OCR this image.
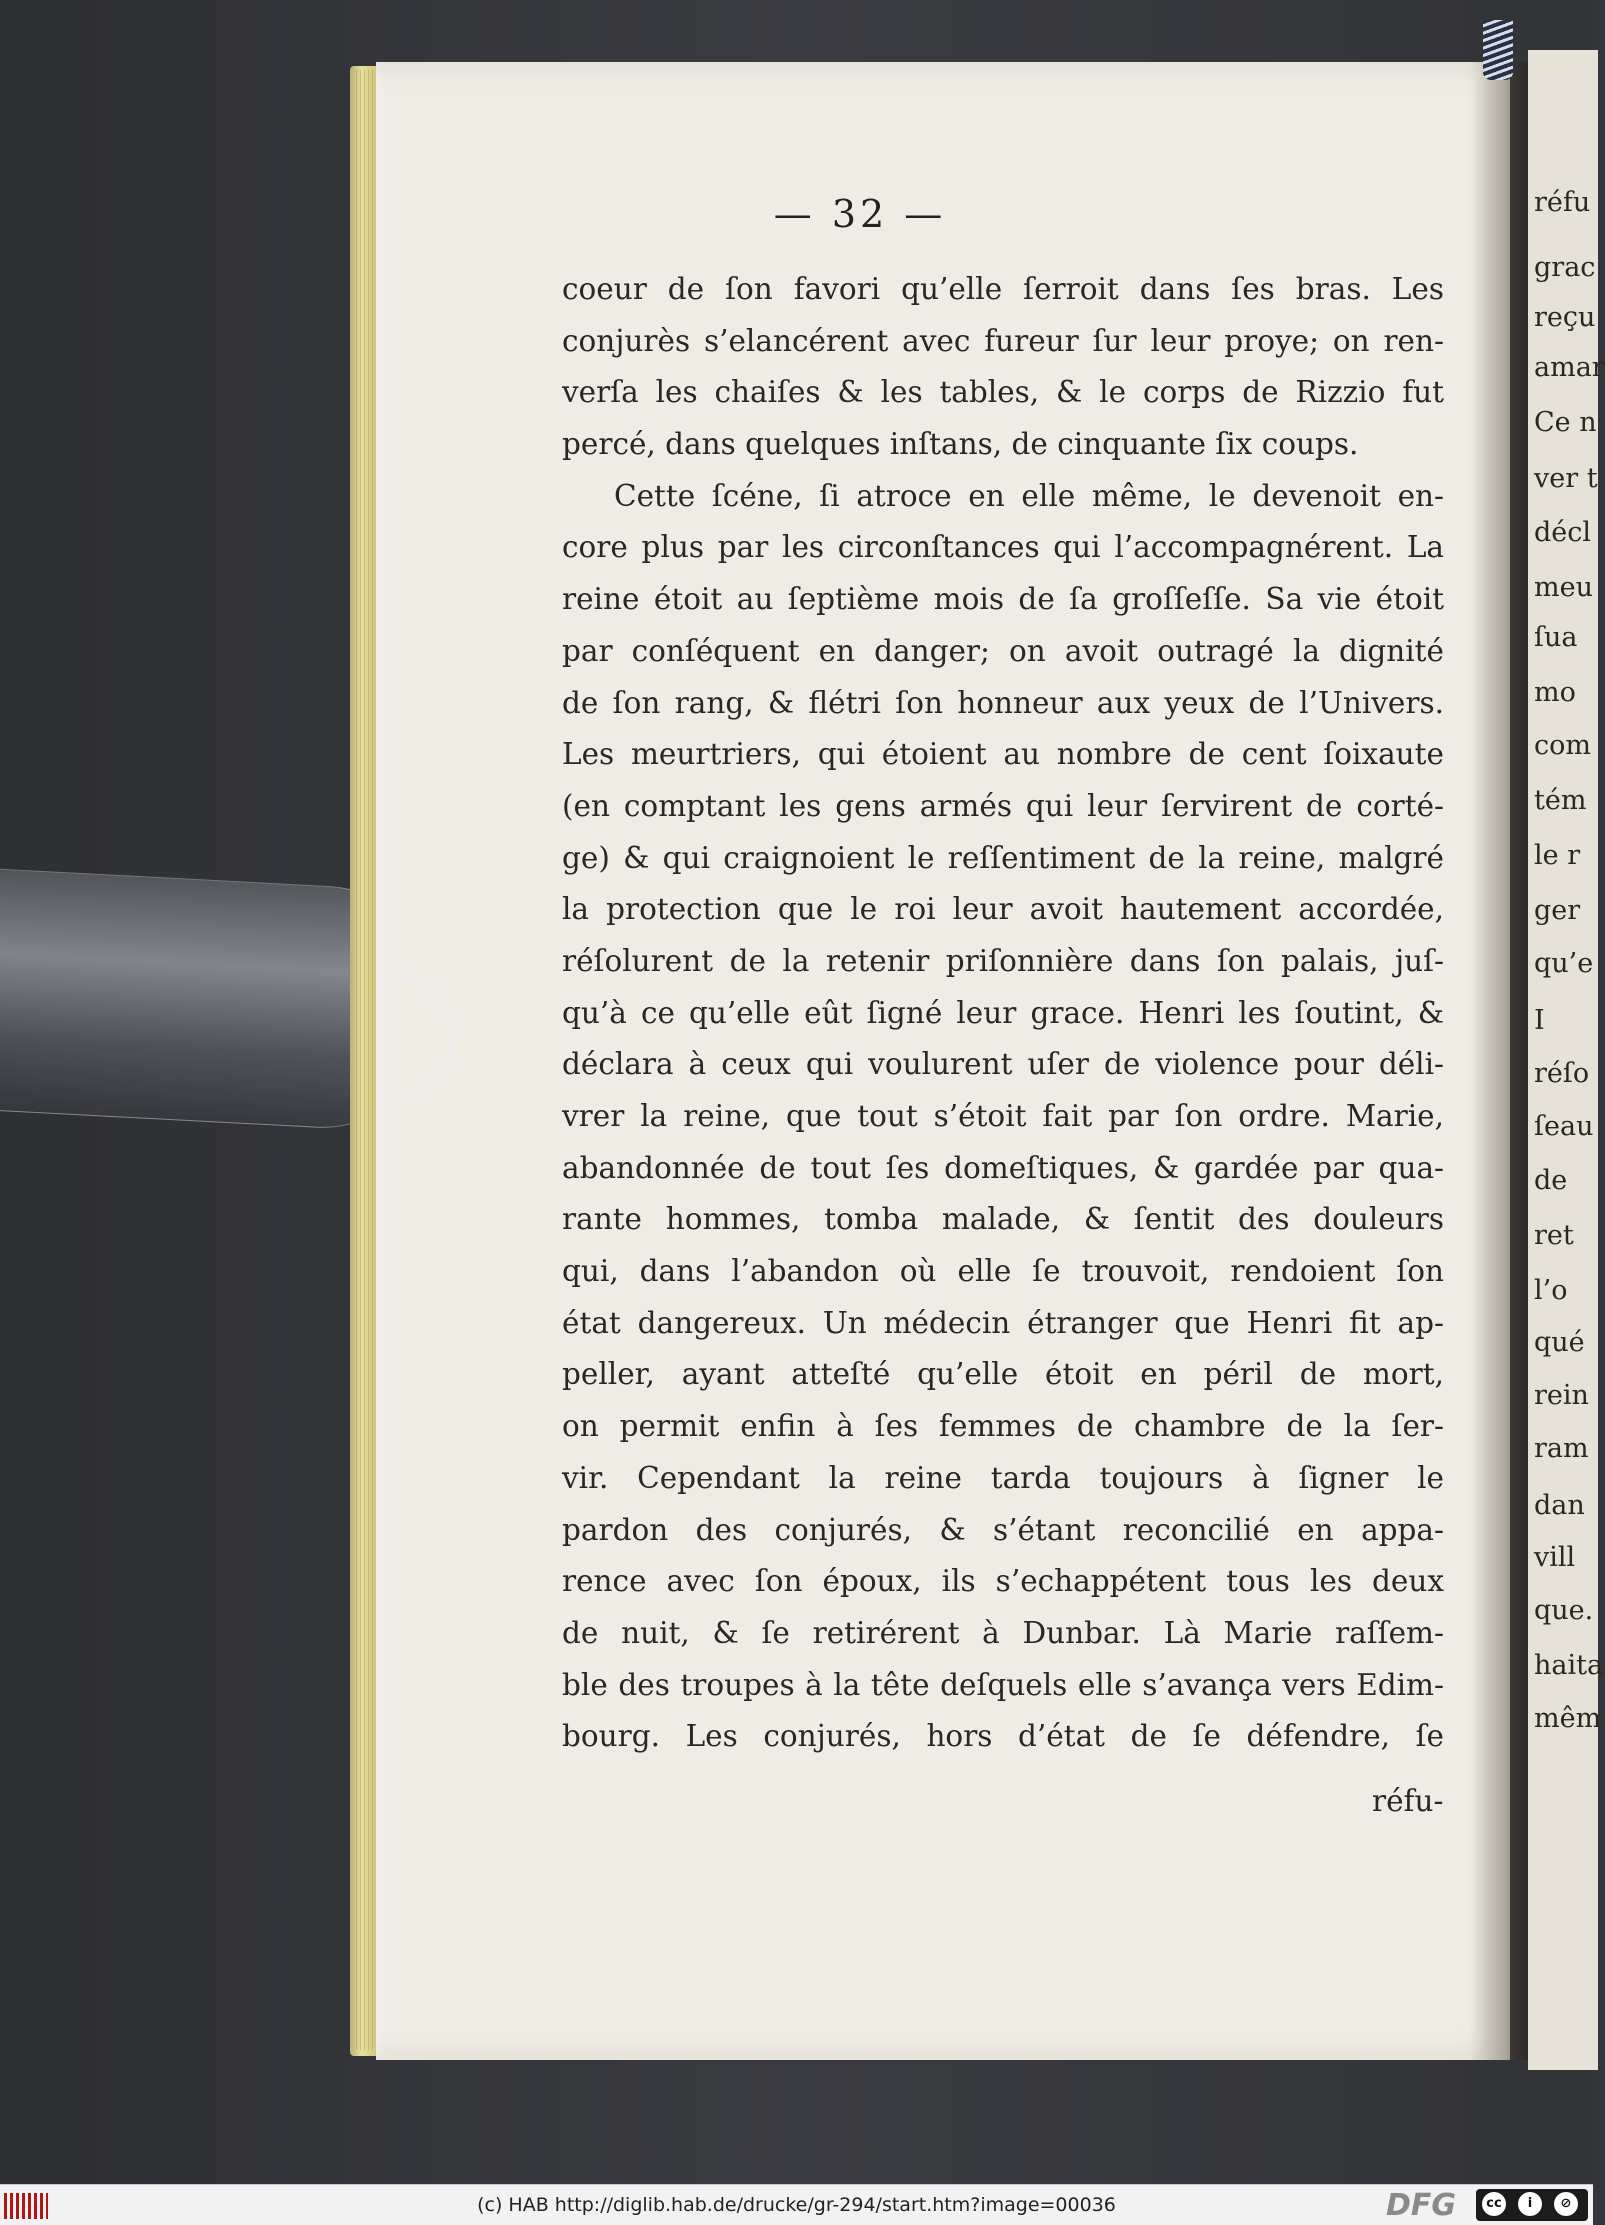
réfu
grac
reçu
amar
Ce n
ver t
décl
meu
ſua
mo
com
tém
le r
ger
qu’e
I
réſo
ſeau
de
ret
l’o
qué
rein
ram
dan
vill
que.
haita
mêm
— 32 —
coeur de ſon favori qu’elle ſerroit dans ſes bras. Les
conjurès s’elancérent avec fureur ſur leur proye; on ren-
verſa les chaiſes & les tables, & le corps de Rizzio fut
percé, dans quelques inſtans, de cinquante ſix coups.
Cette ſcéne, ſi atroce en elle même, le devenoit en-
core plus par les circonſtances qui l’accompagnérent. La
reine étoit au ſeptième mois de ſa groſſeſſe. Sa vie étoit
par conſéquent en danger; on avoit outragé la dignité
de ſon rang, & flétri ſon honneur aux yeux de l’Univers.
Les meurtriers, qui étoient au nombre de cent ſoixaute
(en comptant les gens armés qui leur ſervirent de corté-
ge) & qui craignoient le reſſentiment de la reine, malgré
la protection que le roi leur avoit hautement accordée,
réſolurent de la retenir priſonnière dans ſon palais, juſ-
qu’à ce qu’elle eût ſigné leur grace. Henri les ſoutint, &
déclara à ceux qui voulurent uſer de violence pour déli-
vrer la reine, que tout s’étoit fait par ſon ordre. Marie,
abandonnée de tout ſes domeſtiques, & gardée par qua-
rante hommes, tomba malade, & ſentit des douleurs
qui, dans l’abandon où elle ſe trouvoit, rendoient ſon
état dangereux. Un médecin étranger que Henri fit ap-
peller, ayant atteſté qu’elle étoit en péril de mort,
on permit enfin à ſes femmes de chambre de la ſer-
vir. Cependant la reine tarda toujours à ſigner le
pardon des conjurés, & s’étant reconcilié en appa-
rence avec ſon époux, ils s’echappétent tous les deux
de nuit, & ſe retirérent à Dunbar. Là Marie raſſem-
ble des troupes à la tête deſquels elle s’avança vers Edim-
bourg. Les conjurés, hors d’état de ſe défendre, ſe
réfu-
(c) HAB http://diglib.hab.de/drucke/gr-294/start.htm?image=00036	DFG	cc	i	⊘
